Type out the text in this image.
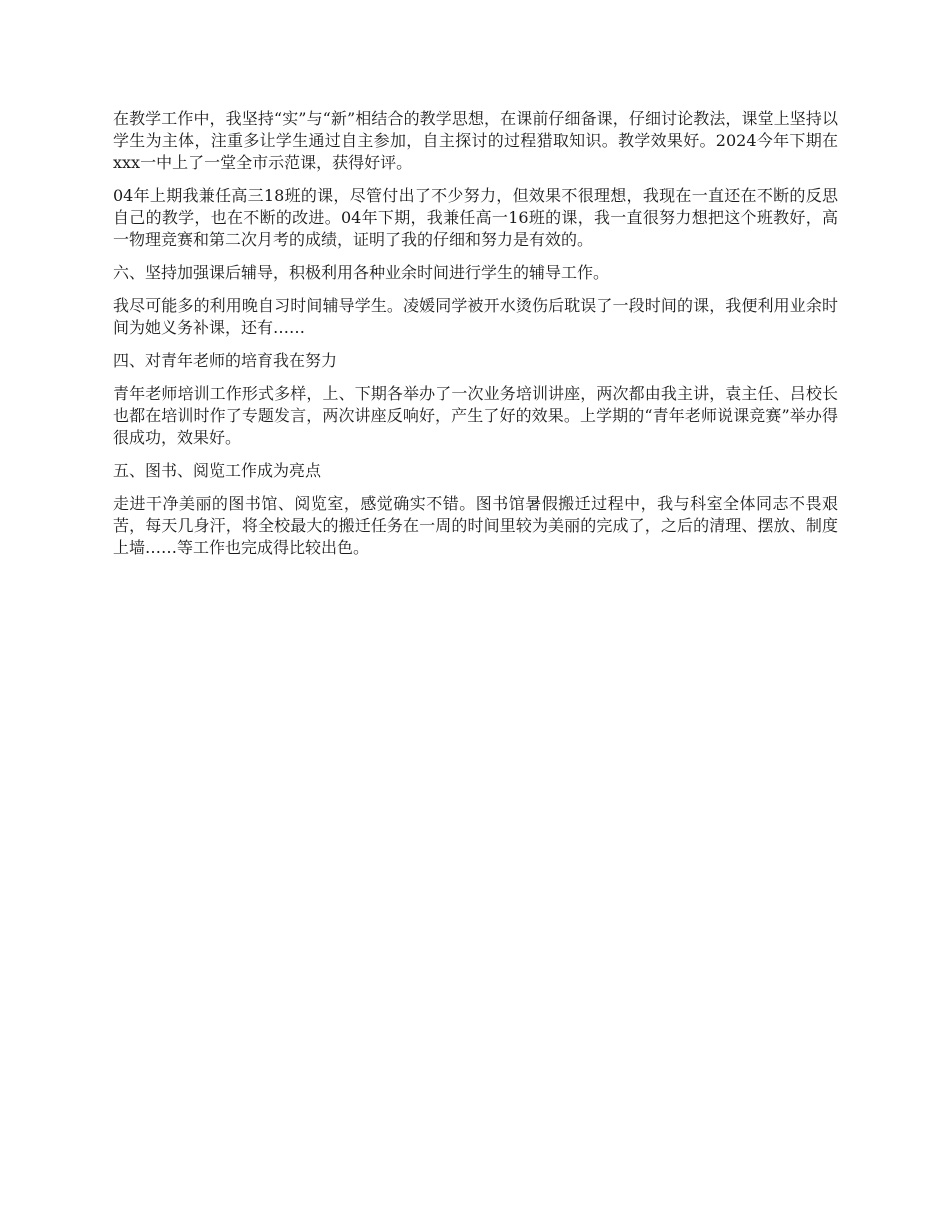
在教学工作中，我坚持“实”与“新”相结合的教学思想，在课前仔细备课，仔细讨论教法，课堂上坚持以学生为主体，注重多让学生通过自主参加，自主探讨的过程猎取知识。教学效果好。2024今年下期在xxx一中上了一堂全市示范课，获得好评。

04年上期我兼任高三18班的课，尽管付出了不少努力，但效果不很理想，我现在一直还在不断的反思自己的教学，也在不断的改进。04年下期，我兼任高一16班的课，我一直很努力想把这个班教好，高一物理竞赛和第二次月考的成绩，证明了我的仔细和努力是有效的。

六、坚持加强课后辅导，积极利用各种业余时间进行学生的辅导工作。

我尽可能多的利用晚自习时间辅导学生。凌媛同学被开水烫伤后耽误了一段时间的课，我便利用业余时间为她义务补课，还有……

四、对青年老师的培育我在努力

青年老师培训工作形式多样，上、下期各举办了一次业务培训讲座，两次都由我主讲，袁主任、吕校长也都在培训时作了专题发言，两次讲座反响好，产生了好的效果。上学期的“青年老师说课竞赛”举办得很成功，效果好。

五、图书、阅览工作成为亮点

走进干净美丽的图书馆、阅览室，感觉确实不错。图书馆暑假搬迁过程中，我与科室全体同志不畏艰苦，每天几身汗，将全校最大的搬迁任务在一周的时间里较为美丽的完成了，之后的清理、摆放、制度上墙……等工作也完成得比较出色。
